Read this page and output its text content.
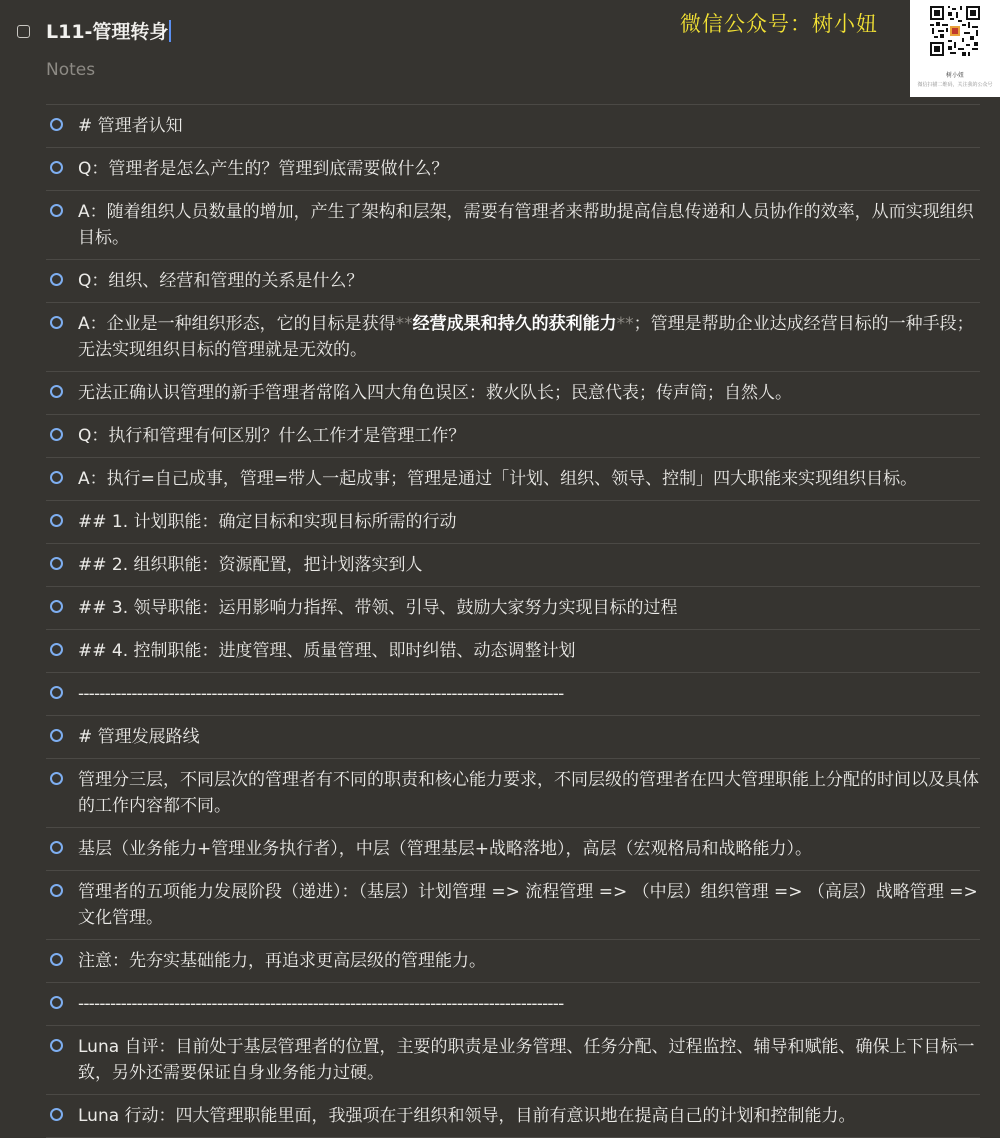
L11-管理转身
Notes
微信公众号：树小妞
树小妞
微信扫描二维码，关注我的公众号
# 管理者认知
Q：管理者是怎么产生的？管理到底需要做什么？
A：随着组织人员数量的增加，产生了架构和层架，需要有管理者来帮助提高信息传递和人员协作的效率，从而实现组织目标。
Q：组织、经营和管理的关系是什么？
A：企业是一种组织形态，它的目标是获得**经营成果和持久的获利能力**；管理是帮助企业达成经营目标的一种手段；无法实现组织目标的管理就是无效的。
无法正确认识管理的新手管理者常陷入四大角色误区：救火队长；民意代表；传声筒；自然人。
Q：执行和管理有何区别？什么工作才是管理工作？
A：执行=自己成事，管理=带人一起成事；管理是通过「计划、组织、领导、控制」四大职能来实现组织目标。
## 1. 计划职能：确定目标和实现目标所需的行动
## 2. 组织职能：资源配置，把计划落实到人
## 3. 领导职能：运用影响力指挥、带领、引导、鼓励大家努力实现目标的过程
## 4. 控制职能：进度管理、质量管理、即时纠错、动态调整计划
-------------------------------------------------------------------------------------------
# 管理发展路线
管理分三层，不同层次的管理者有不同的职责和核心能力要求，不同层级的管理者在四大管理职能上分配的时间以及具体的工作内容都不同。
基层（业务能力+管理业务执行者），中层（管理基层+战略落地），高层（宏观格局和战略能力）。
管理者的五项能力发展阶段（递进）：（基层）计划管理 => 流程管理 => （中层）组织管理 => （高层）战略管理 => 文化管理。
注意：先夯实基础能力，再追求更高层级的管理能力。
-------------------------------------------------------------------------------------------
Luna 自评：目前处于基层管理者的位置，主要的职责是业务管理、任务分配、过程监控、辅导和赋能、确保上下目标一致，另外还需要保证自身业务能力过硬。
Luna 行动：四大管理职能里面，我强项在于组织和领导，目前有意识地在提高自己的计划和控制能力。
